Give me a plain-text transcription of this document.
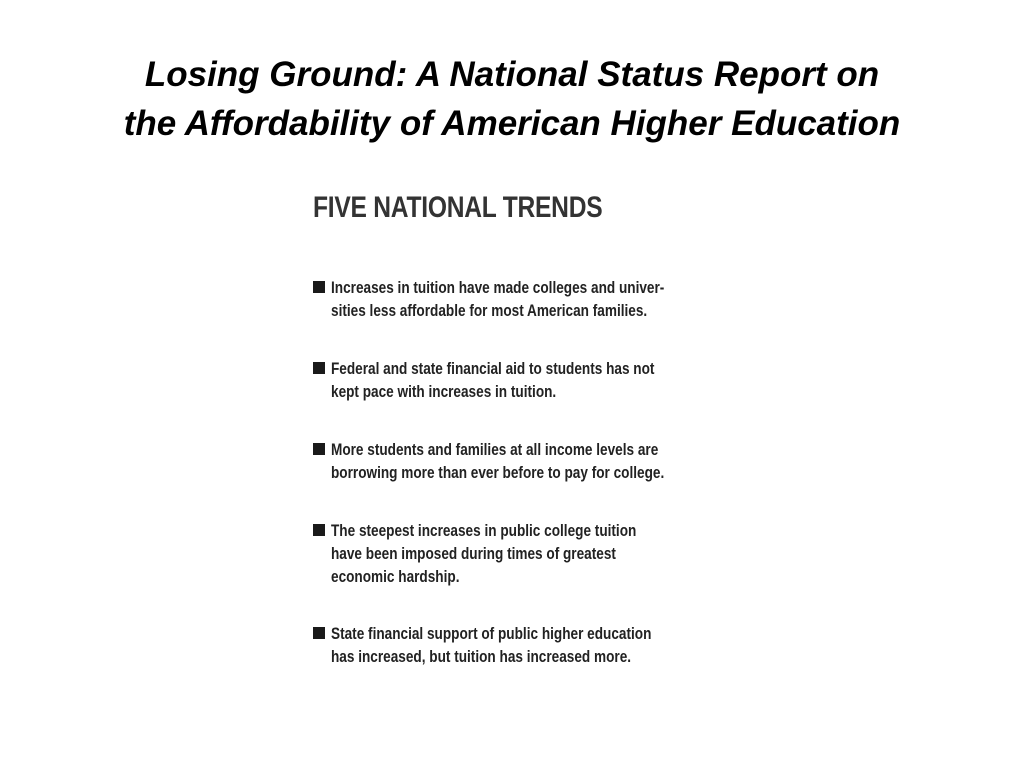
Losing Ground: A National Status Report on
the Affordability of American Higher Education
FIVE NATIONAL TRENDS
Increases in tuition have made colleges and univer-
sities less affordable for most American families.
Federal and state financial aid to students has not
kept pace with increases in tuition.
More students and families at all income levels are
borrowing more than ever before to pay for college.
The steepest increases in public college tuition
have been imposed during times of greatest
economic hardship.
State financial support of public higher education
has increased, but tuition has increased more.
